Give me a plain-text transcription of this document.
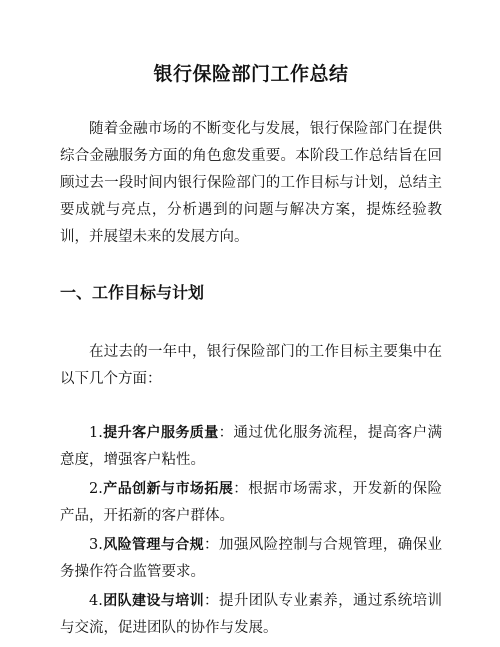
银行保险部门工作总结

随着金融市场的不断变化与发展，银行保险部门在提供综合金融服务方面的角色愈发重要。本阶段工作总结旨在回顾过去一段时间内银行保险部门的工作目标与计划，总结主要成就与亮点，分析遇到的问题与解决方案，提炼经验教训，并展望未来的发展方向。

一、工作目标与计划

在过去的一年中，银行保险部门的工作目标主要集中在以下几个方面：

1.提升客户服务质量：通过优化服务流程，提高客户满意度，增强客户粘性。
2.产品创新与市场拓展：根据市场需求，开发新的保险产品，开拓新的客户群体。
3.风险管理与合规：加强风险控制与合规管理，确保业务操作符合监管要求。
4.团队建设与培训：提升团队专业素养，通过系统培训与交流，促进团队的协作与发展。
